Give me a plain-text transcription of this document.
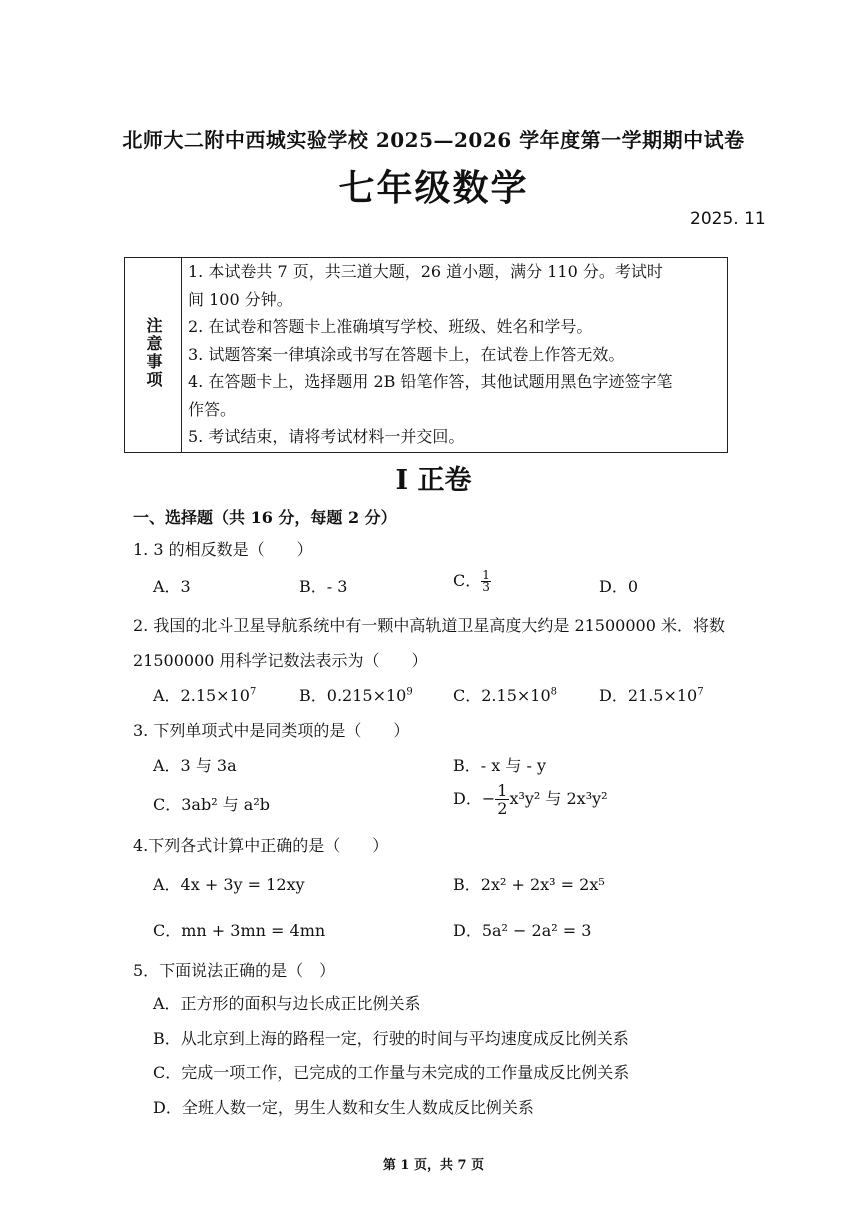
北师大二附中西城实验学校 2025—2026 学年度第一学期期中试卷
七年级数学
2025. 11
注意事项	
1. 本试卷共 7 页，共三道大题，26 道小题，满分 110 分。考试时
间 100 分钟。
2. 在试卷和答题卡上准确填写学校、班级、姓名和学号。
3. 试题答案一律填涂或书写在答题卡上，在试卷上作答无效。
4. 在答题卡上，选择题用 2B 铅笔作答，其他试题用黑色字迹签字笔
作答。
5. 考试结束，请将考试材料一并交回。
I 正卷
一、选择题（共 16 分，每题 2 分）
1. 3 的相反数是（　　）
A．3	B．- 3	C． $\frac{1}{3}$	D．0
2. 我国的北斗卫星导航系统中有一颗中高轨道卫星高度大约是 21500000 米．将数
21500000 用科学记数法表示为（　　）
A．$2.15\times 10^7$	B．$0.215\times 10^9$	C．$2.15\times 10^8$	D．$21.5\times 10^7$
3. 下列单项式中是同类项的是（　　）
A．3 与 3a	B．- x 与 - y
C．3ab² 与 a²b	D．− $\frac{1}{2} x^3y^2$ 与 2x³y²
4.下列各式计算中正确的是（　　）
A．4x + 3y = 12xy	B．2x² + 2x³ = 2x⁵
C．mn + 3mn = 4mn	D．5a² − 2a² = 3
5．下面说法正确的是（　）
A．正方形的面积与边长成正比例关系
B．从北京到上海的路程一定，行驶的时间与平均速度成反比例关系
C．完成一项工作，已完成的工作量与未完成的工作量成反比例关系
D．全班人数一定，男生人数和女生人数成反比例关系
第 1 页，共 7 页
